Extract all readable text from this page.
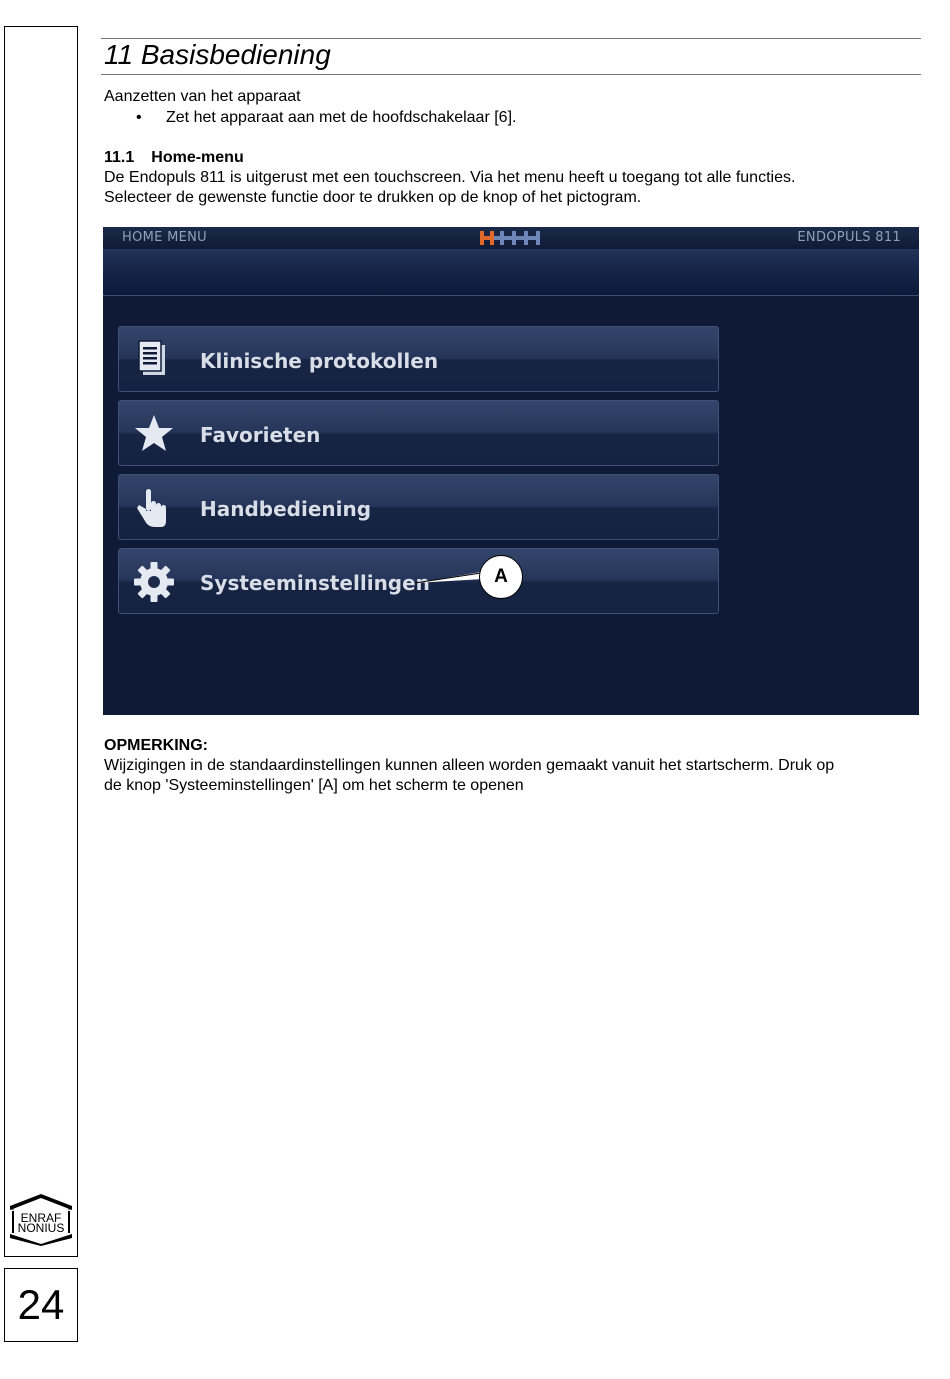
ENRAF
NONIUS
24
11 Basisbediening
Aanzetten van het apparaat
• Zet het apparaat aan met de hoofdschakelaar [6].
11.1 Home-menu
De Endopuls 811 is uitgerust met een touchscreen. Via het menu heeft u toegang tot alle functies.
Selecteer de gewenste functie door te drukken op de knop of het pictogram.
HOME MENU	ENDOPULS 811
Klinische protokollen
Favorieten
Handbediening
Systeeminstellingen	A
OPMERKING:
Wijzigingen in de standaardinstellingen kunnen alleen worden gemaakt vanuit het startscherm. Druk op
de knop 'Systeeminstellingen' [A] om het scherm te openen
